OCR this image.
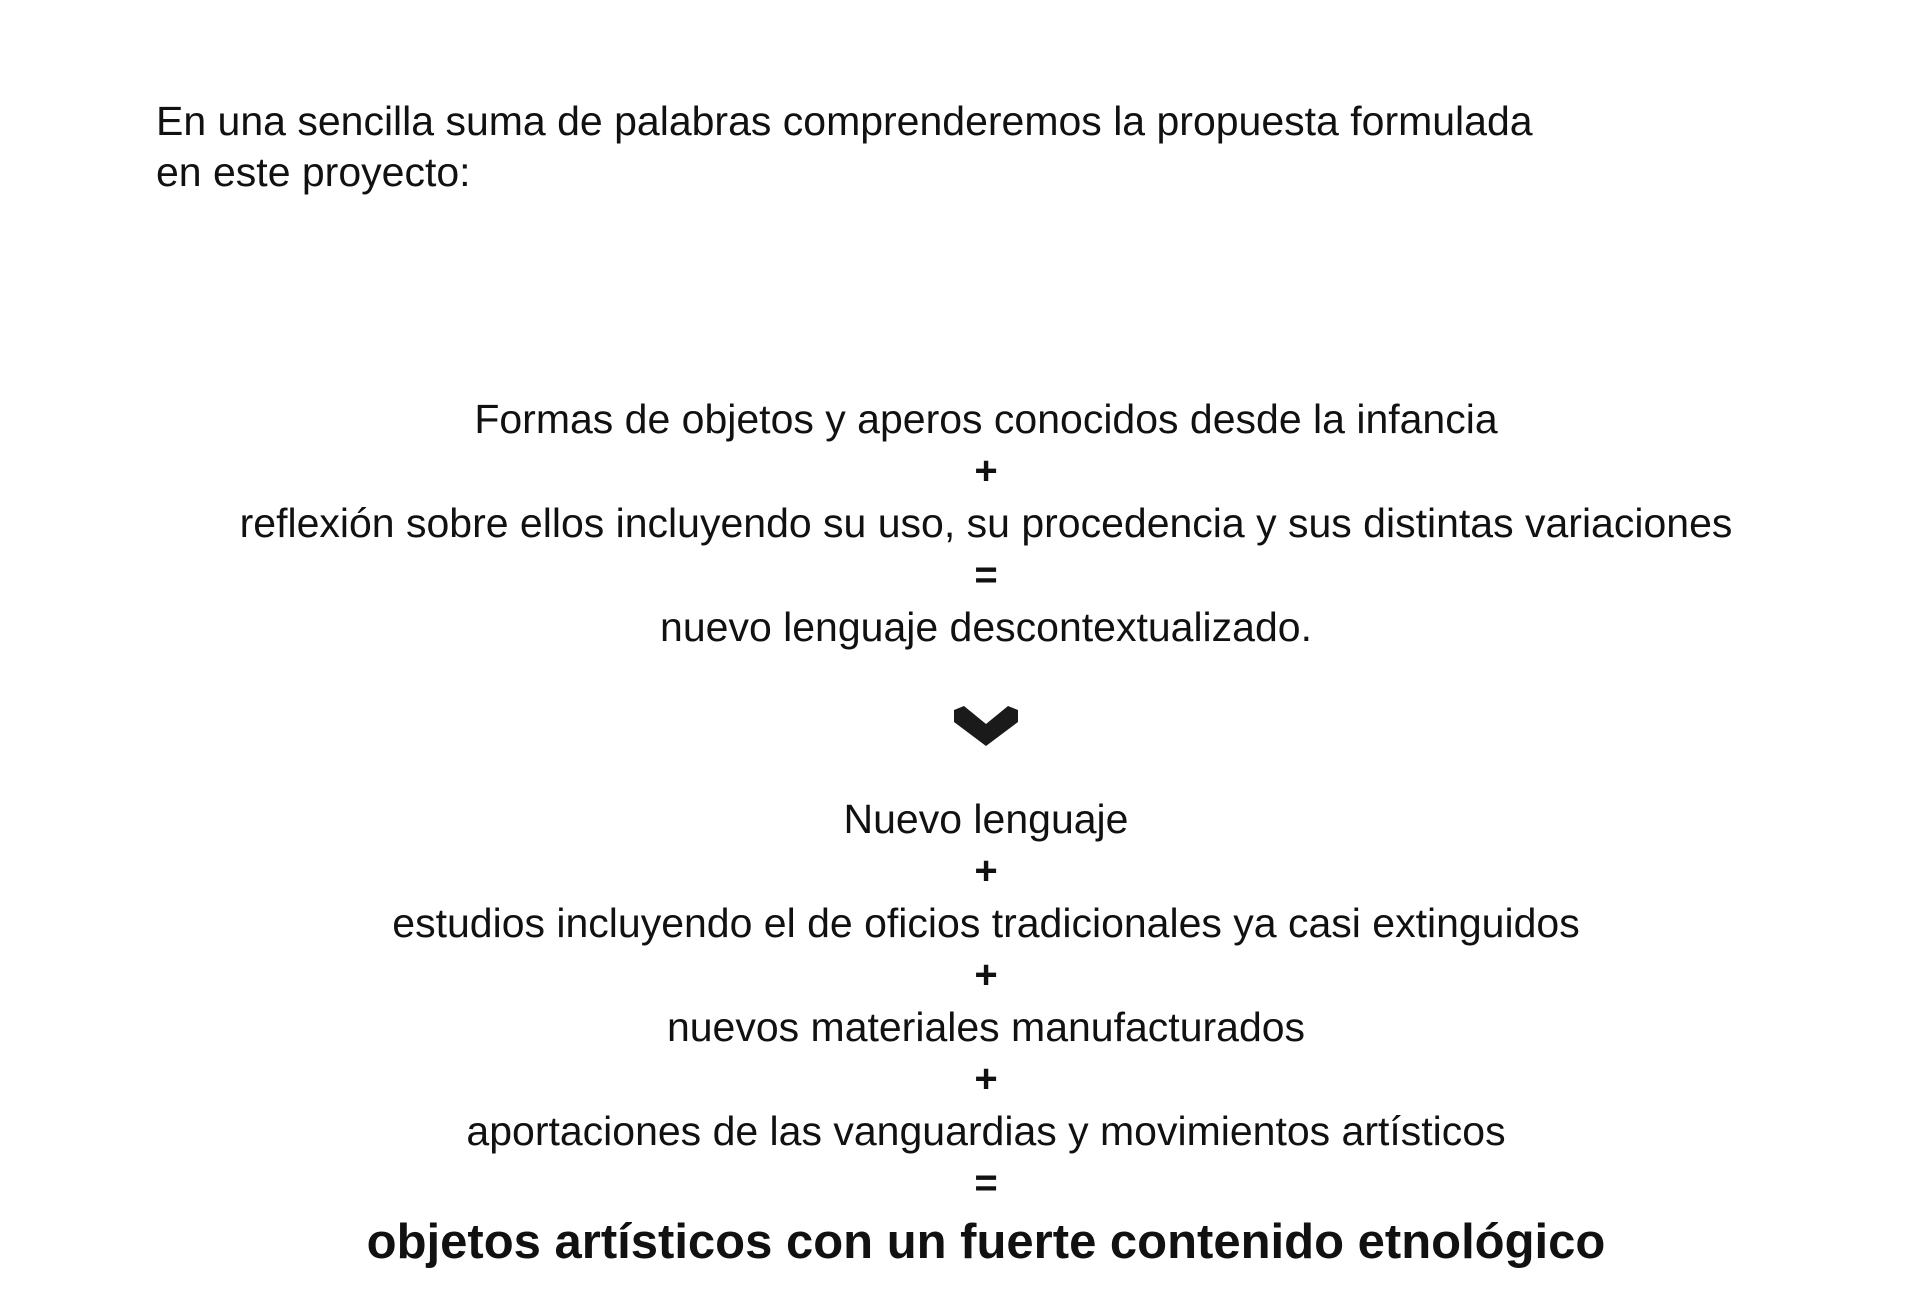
En una sencilla suma de palabras comprenderemos la propuesta formulada

en este proyecto:

Formas de objetos y aperos conocidos desde la infancia
+
reflexión sobre ellos incluyendo su uso, su procedencia y sus distintas variaciones
=
nuevo lenguaje descontextualizado.
Nuevo lenguaje
+
estudios incluyendo el de oficios tradicionales ya casi extinguidos
+
nuevos materiales manufacturados
+
aportaciones de las vanguardias y movimientos artísticos
=
objetos artísticos con un fuerte contenido etnológico
